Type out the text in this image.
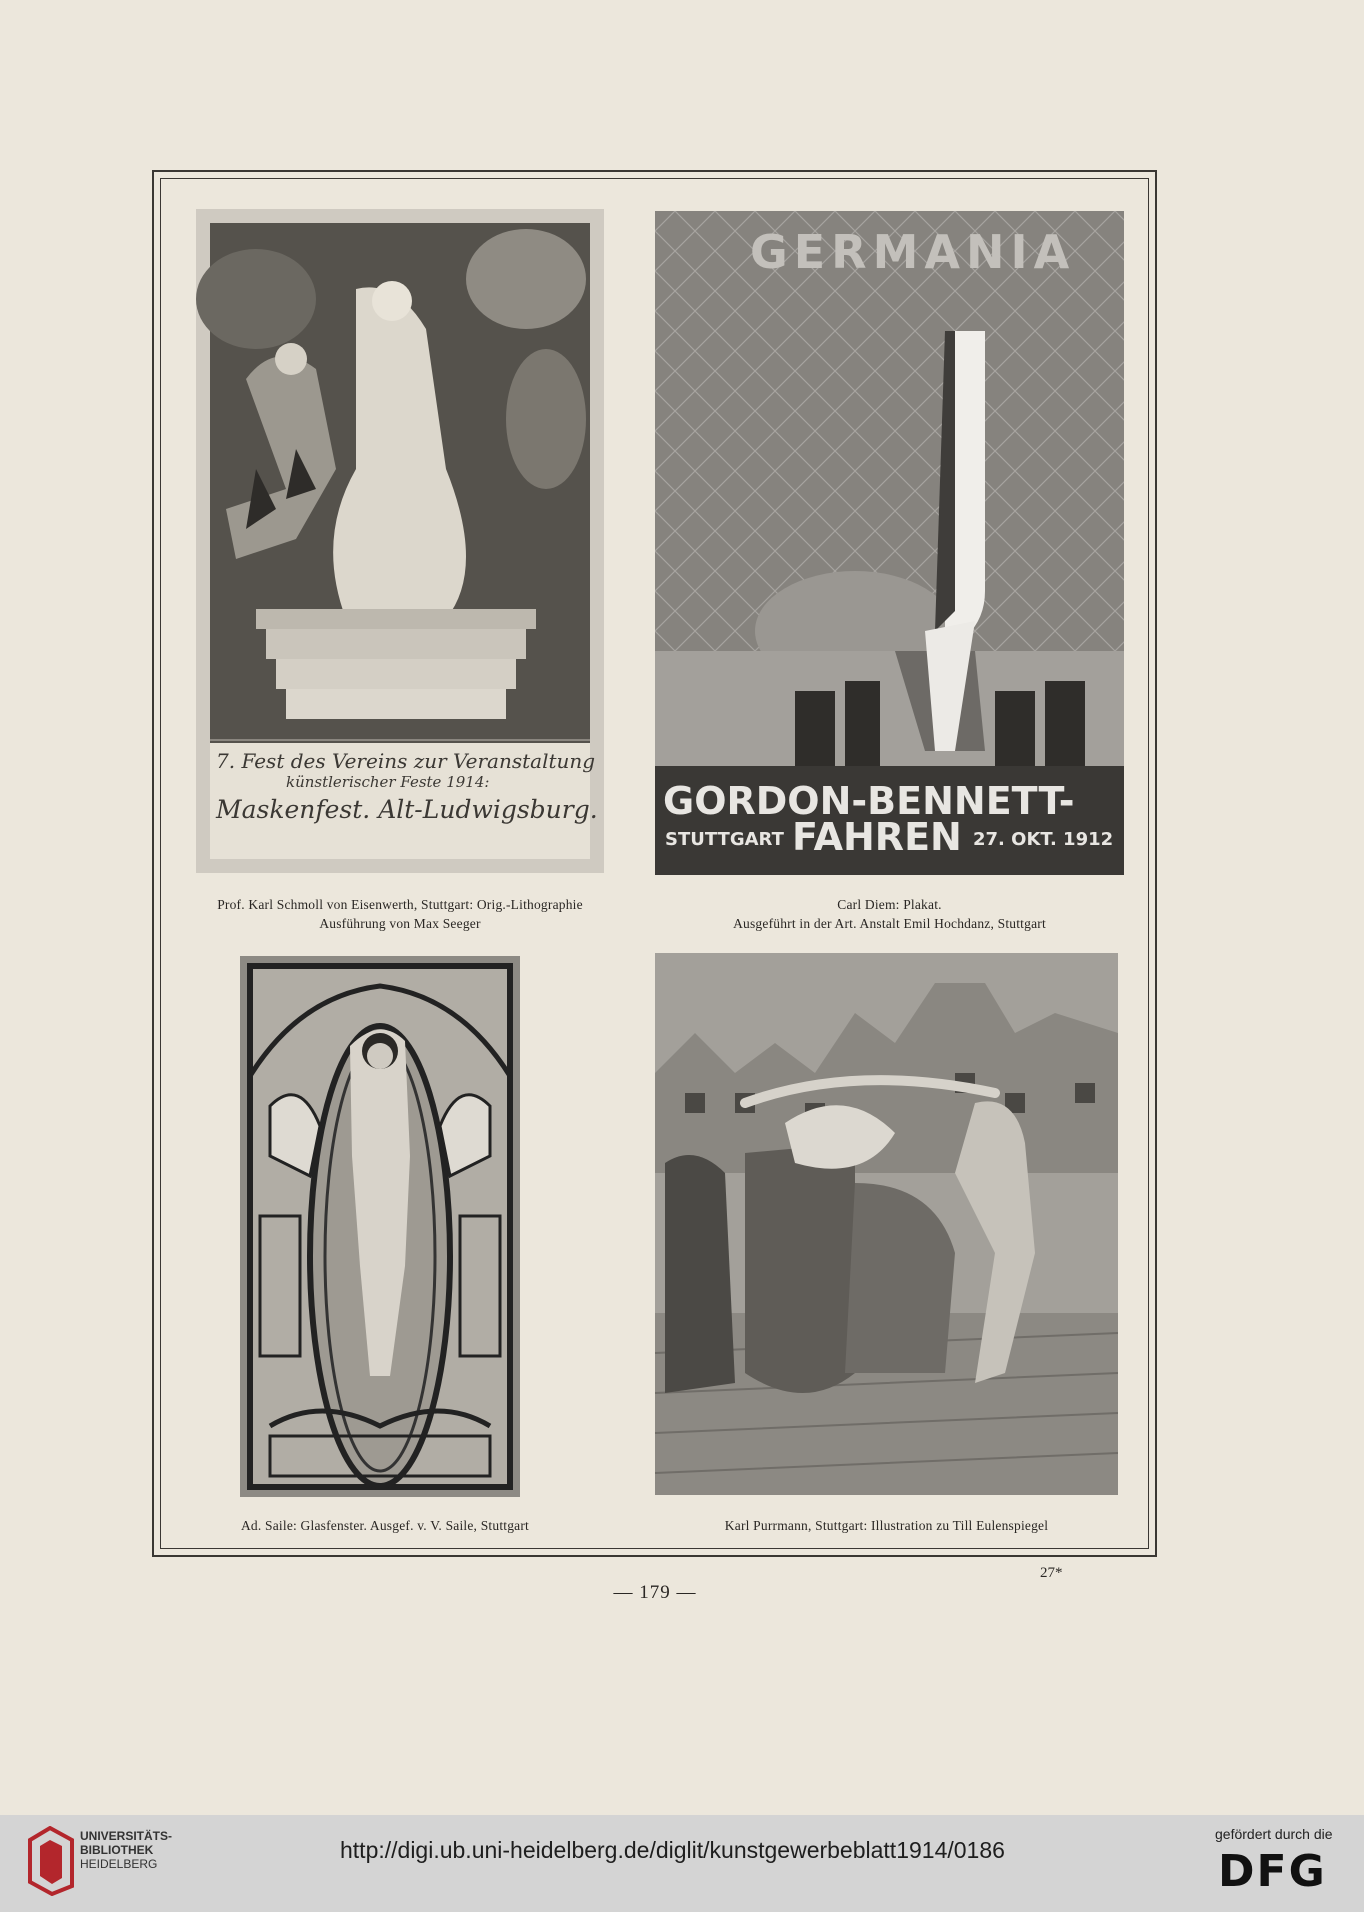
7. Fest des Vereins zur Veranstaltung
künstlerischer Feste 1914:
Maskenfest. Alt-Ludwigsburg.
Prof. Karl Schmoll von Eisenwerth, Stuttgart: Orig.-Lithographie
Ausführung von Max Seeger
GERMANIA
GORDON-BENNETT-
STUTTGART FAHREN 27. OKT. 1912
Carl Diem: Plakat.
Ausgeführt in der Art. Anstalt Emil Hochdanz, Stuttgart
Ad. Saile: Glasfenster. Ausgef. v. V. Saile, Stuttgart	Karl Purrmann, Stuttgart: Illustration zu Till Eulenspiegel
— 179 —
27*
UNIVERSITÄTS-
BIBLIOTHEK
HEIDELBERG
http://digi.ub.uni-heidelberg.de/diglit/kunstgewerbeblatt1914/0186
gefördert durch die
DFG
